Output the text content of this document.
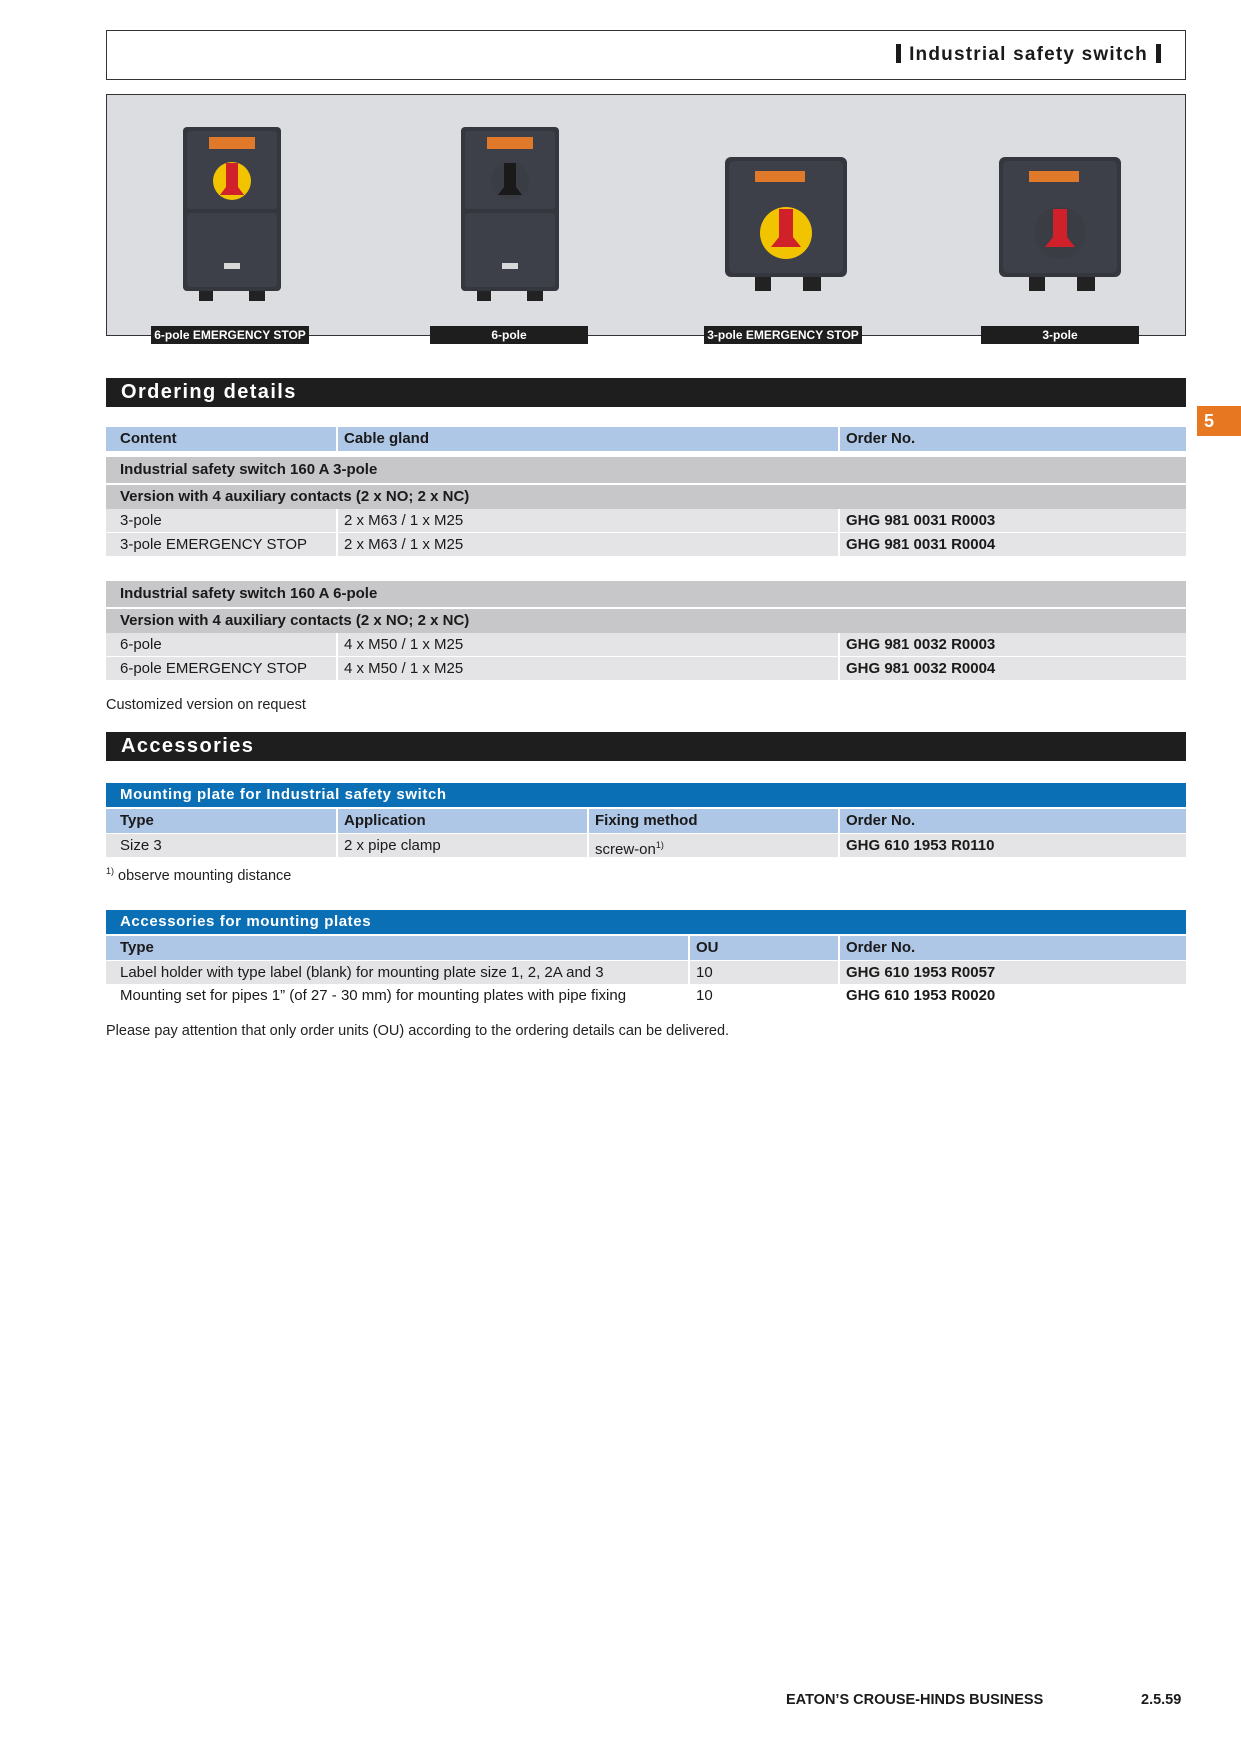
Industrial safety switch
6-pole EMERGENCY STOP	6-pole	3-pole EMERGENCY STOP	3-pole
5
Ordering details
Content	Cable gland	Order No.
Industrial safety switch 160 A 3-pole
Version with 4 auxiliary contacts (2 x NO; 2 x NC)
3-pole	2 x M63 / 1 x M25	GHG 981 0031 R0003
3-pole EMERGENCY STOP	2 x M63 / 1 x M25	GHG 981 0031 R0004
Industrial safety switch 160 A 6-pole
Version with 4 auxiliary contacts (2 x NO; 2 x NC)
6-pole	4 x M50 / 1 x M25	GHG 981 0032 R0003
6-pole EMERGENCY STOP	4 x M50 / 1 x M25	GHG 981 0032 R0004
Customized version on request
Accessories
Mounting plate for Industrial safety switch
Type	Application	Fixing method	Order No.
Size 3	2 x pipe clamp	screw-$on^{1)}$	GHG 610 1953 R0110
$^{1)}$ observe mounting distance
Accessories for mounting plates
Type	OU	Order No.
Label holder with type label (blank) for mounting plate size 1, 2, 2A and 3	10	GHG 610 1953 R0057
Mounting set for pipes 1” (of 27 - 30 mm) for mounting plates with pipe fixing	10	GHG 610 1953 R0020
Please pay attention that only order units (OU) according to the ordering details can be delivered.
EATON’S CROUSE-HINDS BUSINESS	2.5.59
